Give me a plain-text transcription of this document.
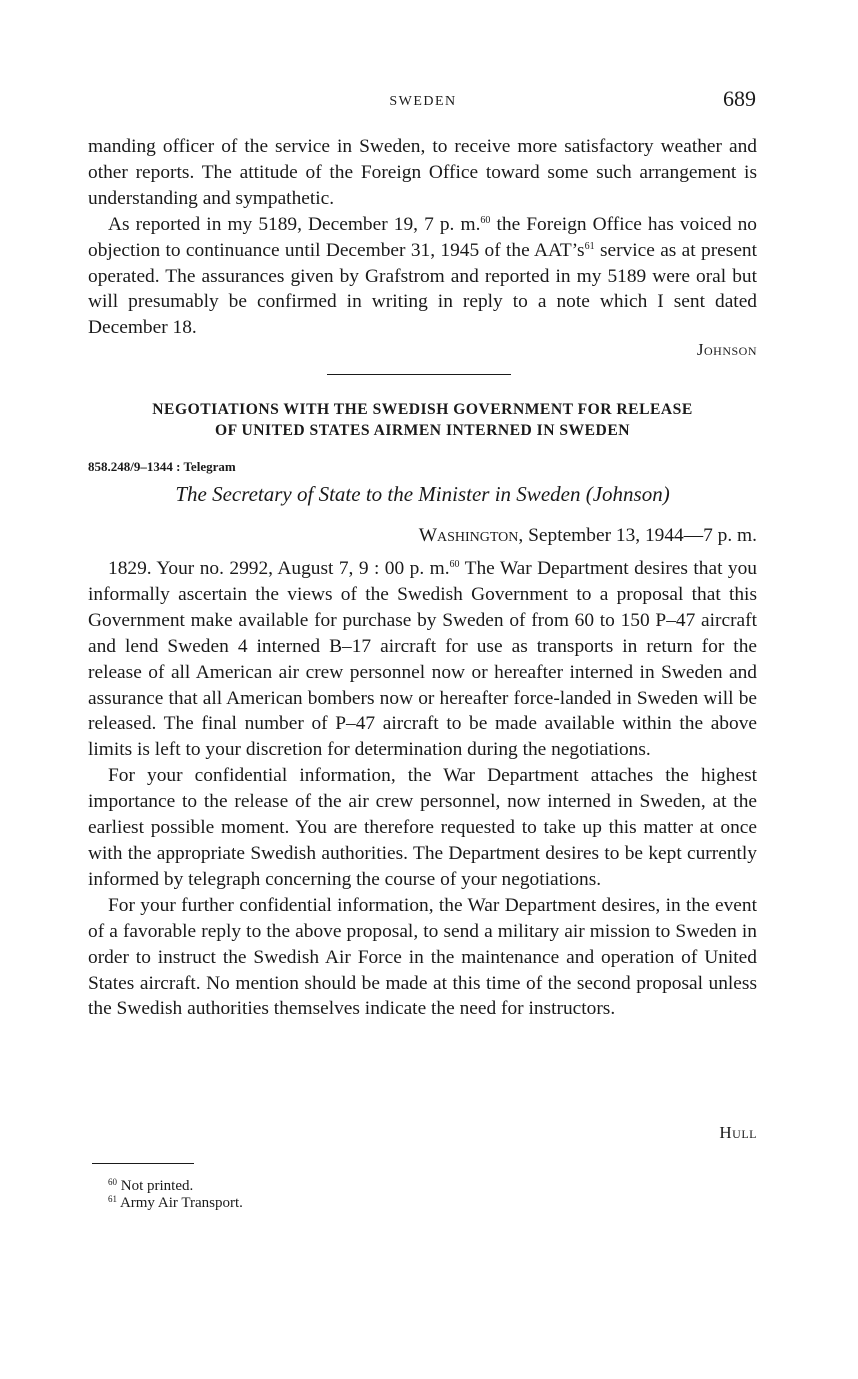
SWEDEN	689

manding officer of the service in Sweden, to receive more satisfactory weather and other reports. The attitude of the Foreign Office toward some such arrangement is understanding and sympathetic.

As reported in my 5189, December 19, 7 p. m.$^{60}$ the Foreign Office has voiced no objection to continuance until December 31, 1945 of the $AAT’s^{61}$ service as at present operated. The assurances given by Grafstrom and reported in my 5189 were oral but will presumably be confirmed in writing in reply to a note which I sent dated December 18.

Johnson
NEGOTIATIONS WITH THE SWEDISH GOVERNMENT FOR RELEASE
OF UNITED STATES AIRMEN INTERNED IN SWEDEN
858.248/9–1344 : Telegram
The Secretary of State to the Minister in Sweden (Johnson)
Washington, September 13, 1944—7 p. m.

1829. Your no. 2992, August 7, 9 : 00 p. m.$^{60}$ The War Department desires that you informally ascertain the views of the Swedish Government to a proposal that this Government make available for purchase by Sweden of from 60 to 150 P–47 aircraft and lend Sweden 4 interned B–17 aircraft for use as transports in return for the release of all American air crew personnel now or hereafter interned in Sweden and assurance that all American bombers now or hereafter force-landed in Sweden will be released. The final number of P–47 aircraft to be made available within the above limits is left to your discretion for determination during the negotiations.

For your confidential information, the War Department attaches the highest importance to the release of the air crew personnel, now interned in Sweden, at the earliest possible moment. You are therefore requested to take up this matter at once with the appropriate Swedish authorities. The Department desires to be kept currently informed by telegraph concerning the course of your negotiations.

For your further confidential information, the War Department desires, in the event of a favorable reply to the above proposal, to send a military air mission to Sweden in order to instruct the Swedish Air Force in the maintenance and operation of United States aircraft. No mention should be made at this time of the second proposal unless the Swedish authorities themselves indicate the need for instructors.

Hull
$^{60}$ Not printed.
$^{61}$ Army Air Transport.
